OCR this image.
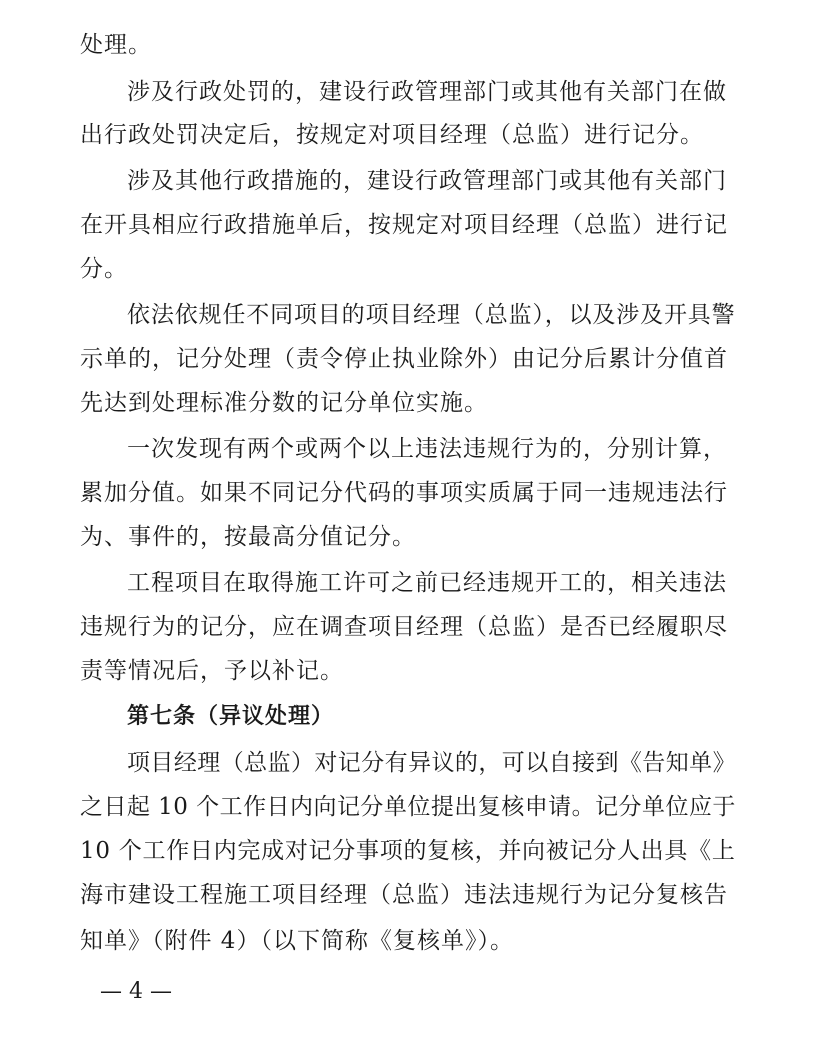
处理。
涉及行政处罚的，建设行政管理部门或其他有关部门在做
出行政处罚决定后，按规定对项目经理（总监）进行记分。
涉及其他行政措施的，建设行政管理部门或其他有关部门
在开具相应行政措施单后，按规定对项目经理（总监）进行记
分。
依法依规任不同项目的项目经理（总监），以及涉及开具警
示单的，记分处理（责令停止执业除外）由记分后累计分值首
先达到处理标准分数的记分单位实施。
一次发现有两个或两个以上违法违规行为的，分别计算，
累加分值。如果不同记分代码的事项实质属于同一违规违法行
为、事件的，按最高分值记分。
工程项目在取得施工许可之前已经违规开工的，相关违法
违规行为的记分，应在调查项目经理（总监）是否已经履职尽
责等情况后，予以补记。
第七条（异议处理）
项目经理（总监）对记分有异议的，可以自接到《告知单》
之日起 10 个工作日内向记分单位提出复核申请。记分单位应于
10 个工作日内完成对记分事项的复核，并向被记分人出具《上
海市建设工程施工项目经理（总监）违法违规行为记分复核告
知单》（附件 4）（以下简称《复核单》）。
— 4 —
